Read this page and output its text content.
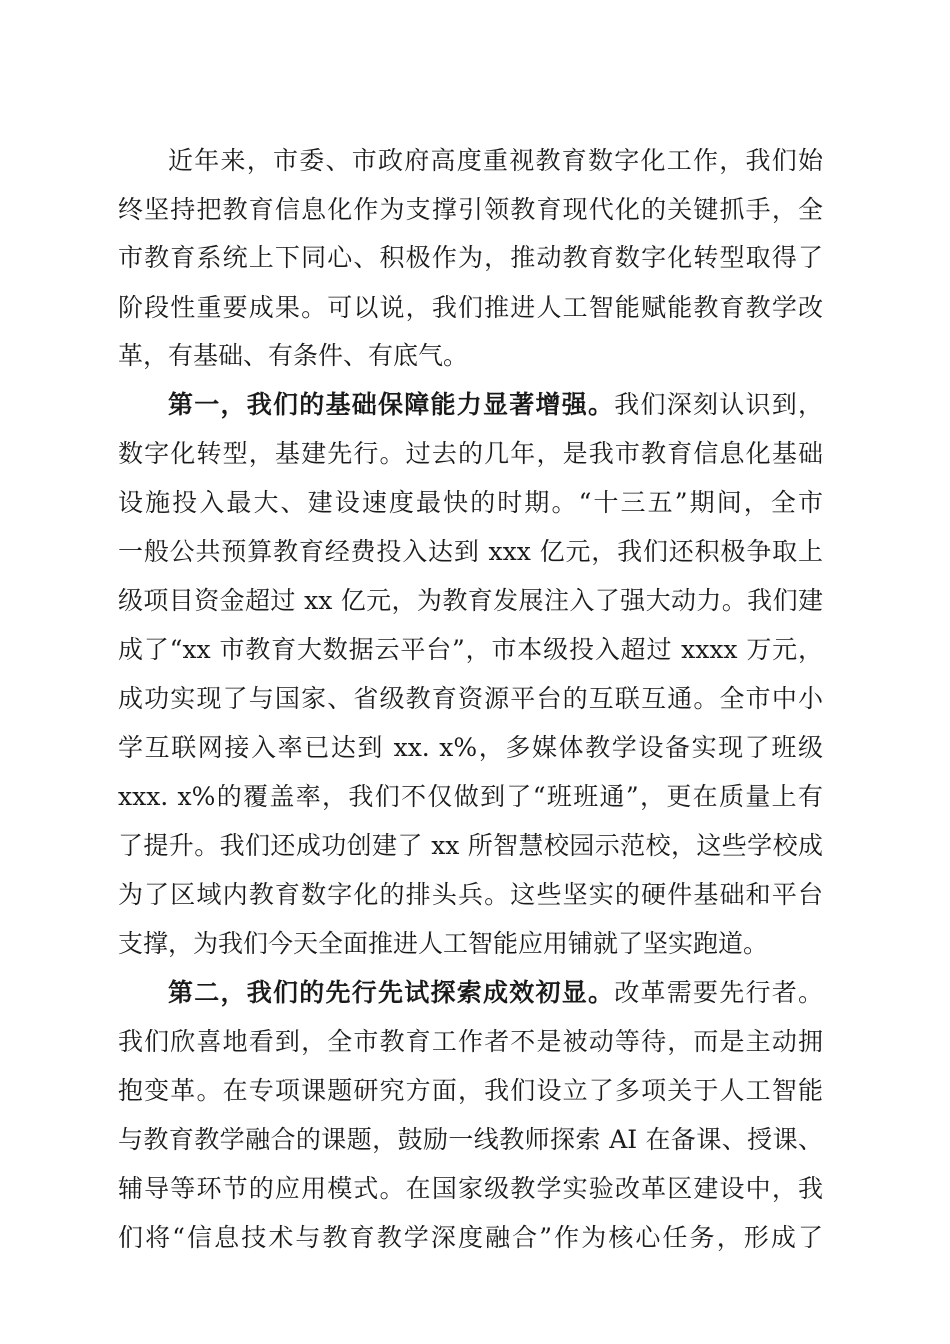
近年来，市委、市政府高度重视教育数字化工作，我们始
终坚持把教育信息化作为支撑引领教育现代化的关键抓手，全
市教育系统上下同心、积极作为，推动教育数字化转型取得了
阶段性重要成果。可以说，我们推进人工智能赋能教育教学改
革，有基础、有条件、有底气。
第一，我们的基础保障能力显著增强。我们深刻认识到，
数字化转型，基建先行。过去的几年，是我市教育信息化基础
设施投入最大、建设速度最快的时期。“十三五”期间，全市
一般公共预算教育经费投入达到 xxx 亿元，我们还积极争取上
级项目资金超过 xx 亿元，为教育发展注入了强大动力。我们建
成了“xx 市教育大数据云平台”，市本级投入超过 xxxx 万元，
成功实现了与国家、省级教育资源平台的互联互通。全市中小
学互联网接入率已达到 xx. x%，多媒体教学设备实现了班级
xxx. x%的覆盖率，我们不仅做到了“班班通”，更在质量上有
了提升。我们还成功创建了 xx 所智慧校园示范校，这些学校成
为了区域内教育数字化的排头兵。这些坚实的硬件基础和平台
支撑，为我们今天全面推进人工智能应用铺就了坚实跑道。
第二，我们的先行先试探索成效初显。改革需要先行者。
我们欣喜地看到，全市教育工作者不是被动等待，而是主动拥
抱变革。在专项课题研究方面，我们设立了多项关于人工智能
与教育教学融合的课题，鼓励一线教师探索 AI 在备课、授课、
辅导等环节的应用模式。在国家级教学实验改革区建设中，我
们将“信息技术与教育教学深度融合”作为核心任务，形成了
